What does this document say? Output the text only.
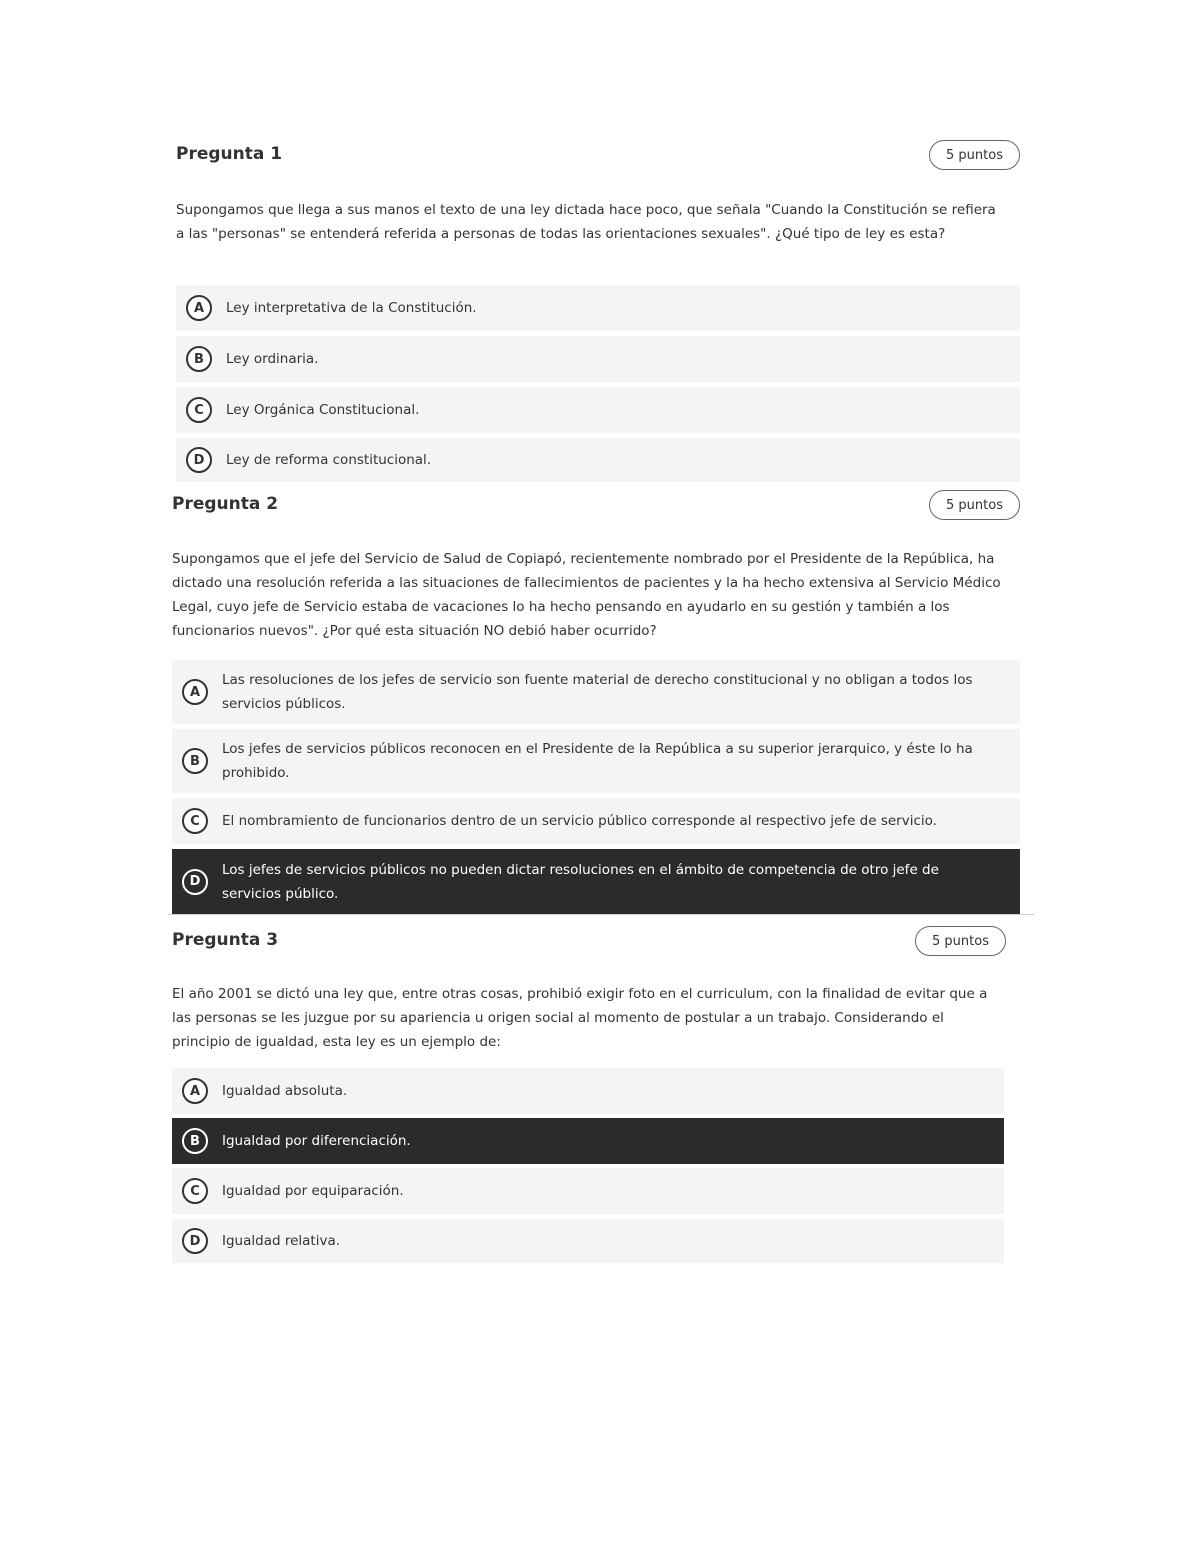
Pregunta 1	5 puntos

Supongamos que llega a sus manos el texto de una ley dictada hace poco, que señala "Cuando la Constitución se refiera a las "personas" se entenderá referida a personas de todas las orientaciones sexuales". ¿Qué tipo de ley es esta?

A	Ley interpretativa de la Constitución.
B	Ley ordinaria.
C	Ley Orgánica Constitucional.
D	Ley de reforma constitucional.
Pregunta 2	5 puntos

Supongamos que el jefe del Servicio de Salud de Copiapó, recientemente nombrado por el Presidente de la República, ha dictado una resolución referida a las situaciones de fallecimientos de pacientes y la ha hecho extensiva al Servicio Médico Legal, cuyo jefe de Servicio estaba de vacaciones lo ha hecho pensando en ayudarlo en su gestión y también a los funcionarios nuevos". ¿Por qué esta situación NO debió haber ocurrido?

A
Las resoluciones de los jefes de servicio son fuente material de derecho constitucional y no obligan a todos los servicios públicos.
B
Los jefes de servicios públicos reconocen en el Presidente de la República a su superior jerarquico, y éste lo ha prohibido.
C	El nombramiento de funcionarios dentro de un servicio público corresponde al respectivo jefe de servicio.
D
Los jefes de servicios públicos no pueden dictar resoluciones en el ámbito de competencia de otro jefe de servicios público.
Pregunta 3	5 puntos

El año 2001 se dictó una ley que, entre otras cosas, prohibió exigir foto en el curriculum, con la finalidad de evitar que a las personas se les juzgue por su apariencia u origen social al momento de postular a un trabajo. Considerando el principio de igualdad, esta ley es un ejemplo de:

A	Igualdad absoluta.
B	Igualdad por diferenciación.
C	Igualdad por equiparación.
D	Igualdad relativa.
